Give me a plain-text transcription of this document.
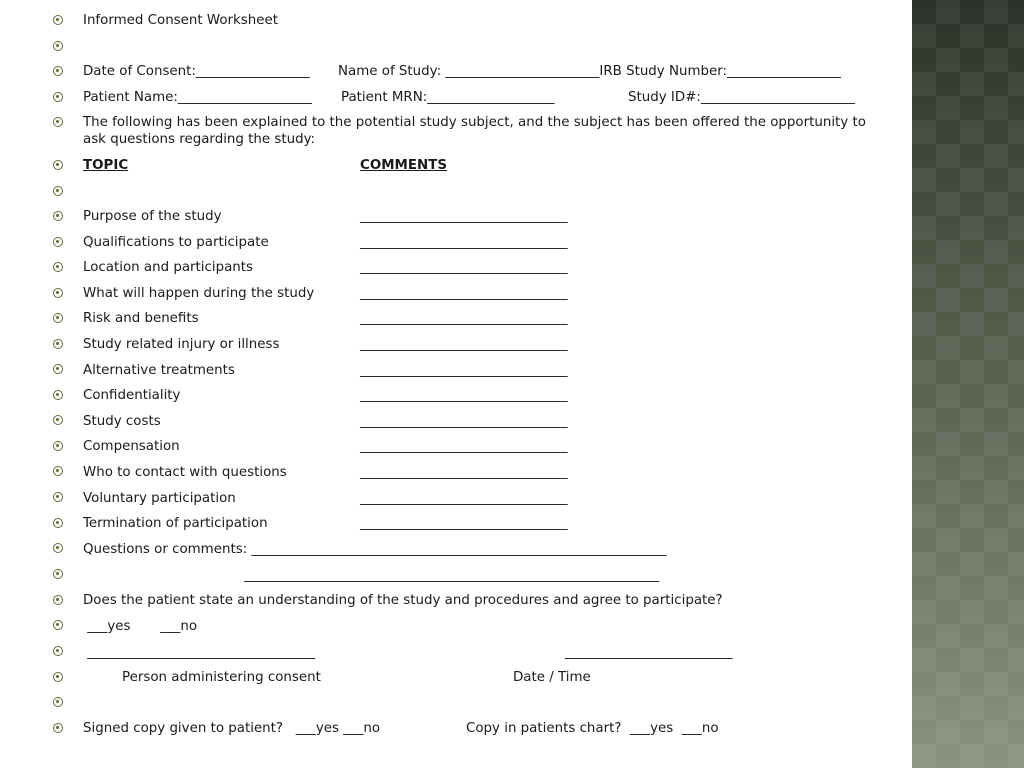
Informed Consent Worksheet
Date of Consent:_________________ Name of Study: _______________________IRB Study Number:_________________
Patient Name:____________________ Patient MRN:___________________	Study ID#:_______________________
The following has been explained to the potential study subject, and the subject has been offered the opportunity to ask questions regarding the study:
TOPIC	COMMENTS
Purpose of the study	_______________________________
Qualifications to participate	_______________________________
Location and participants	_______________________________
What will happen during the study	_______________________________
Risk and benefits	_______________________________
Study related injury or illness	_______________________________
Alternative treatments	_______________________________
Confidentiality	_______________________________
Study costs	_______________________________
Compensation	_______________________________
Who to contact with questions	_______________________________
Voluntary participation	_______________________________
Termination of participation	_______________________________
Questions or comments: ______________________________________________________________
______________________________________________________________
Does the patient state an understanding of the study and procedures and agree to participate?
___yes       ___no
__________________________________	_________________________
Person administering consent	Date / Time
Signed copy given to patient?   ___yes ___no	Copy in patients chart?  ___yes  ___no
